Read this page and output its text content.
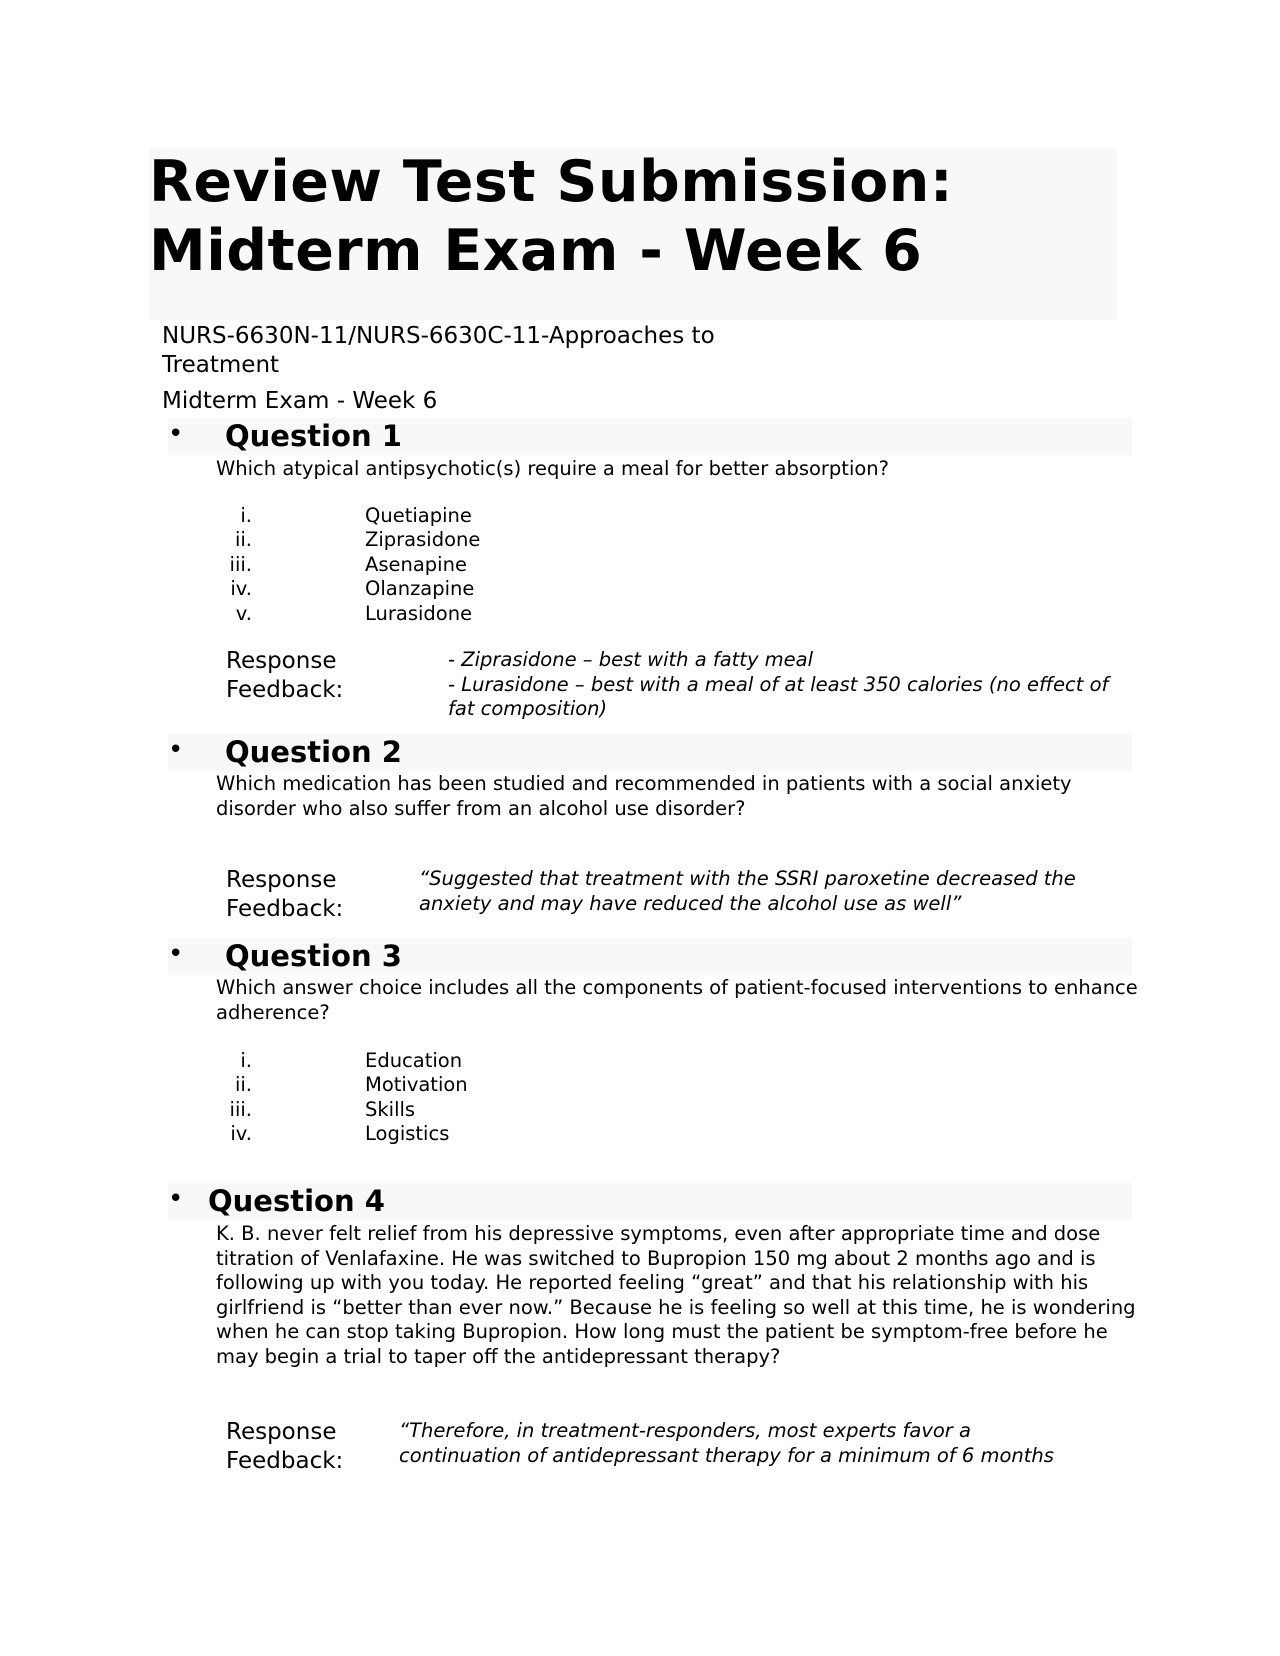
Review Test Submission: Midterm Exam - Week 6
NURS-6630N-11/NURS-6630C-11-Approaches to Treatment
Midterm Exam - Week 6
• Question 1
Which atypical antipsychotic(s) require a meal for better absorption?
i.	Quetiapine
ii.	Ziprasidone
iii.	Asenapine
iv.	Olanzapine
v.	Lurasidone
Response Feedback:
- Ziprasidone – best with a fatty meal
- Lurasidone – best with a meal of at least 350 calories (no effect of fat composition)
• Question 2
Which medication has been studied and recommended in patients with a social anxiety disorder who also suffer from an alcohol use disorder?
Response Feedback:
“Suggested that treatment with the SSRI paroxetine decreased the anxiety and may have reduced the alcohol use as well”
• Question 3
Which answer choice includes all the components of patient-focused interventions to enhance adherence?
i.	Education
ii.	Motivation
iii.	Skills
iv.	Logistics
• Question 4
K. B. never felt relief from his depressive symptoms, even after appropriate time and dose titration of Venlafaxine. He was switched to Bupropion 150 mg about 2 months ago and is following up with you today. He reported feeling “great” and that his relationship with his girlfriend is “better than ever now.” Because he is feeling so well at this time, he is wondering when he can stop taking Bupropion. How long must the patient be symptom-free before he may begin a trial to taper off the antidepressant therapy?
Response Feedback:
“Therefore, in treatment-responders, most experts favor a continuation of antidepressant therapy for a minimum of 6 months
